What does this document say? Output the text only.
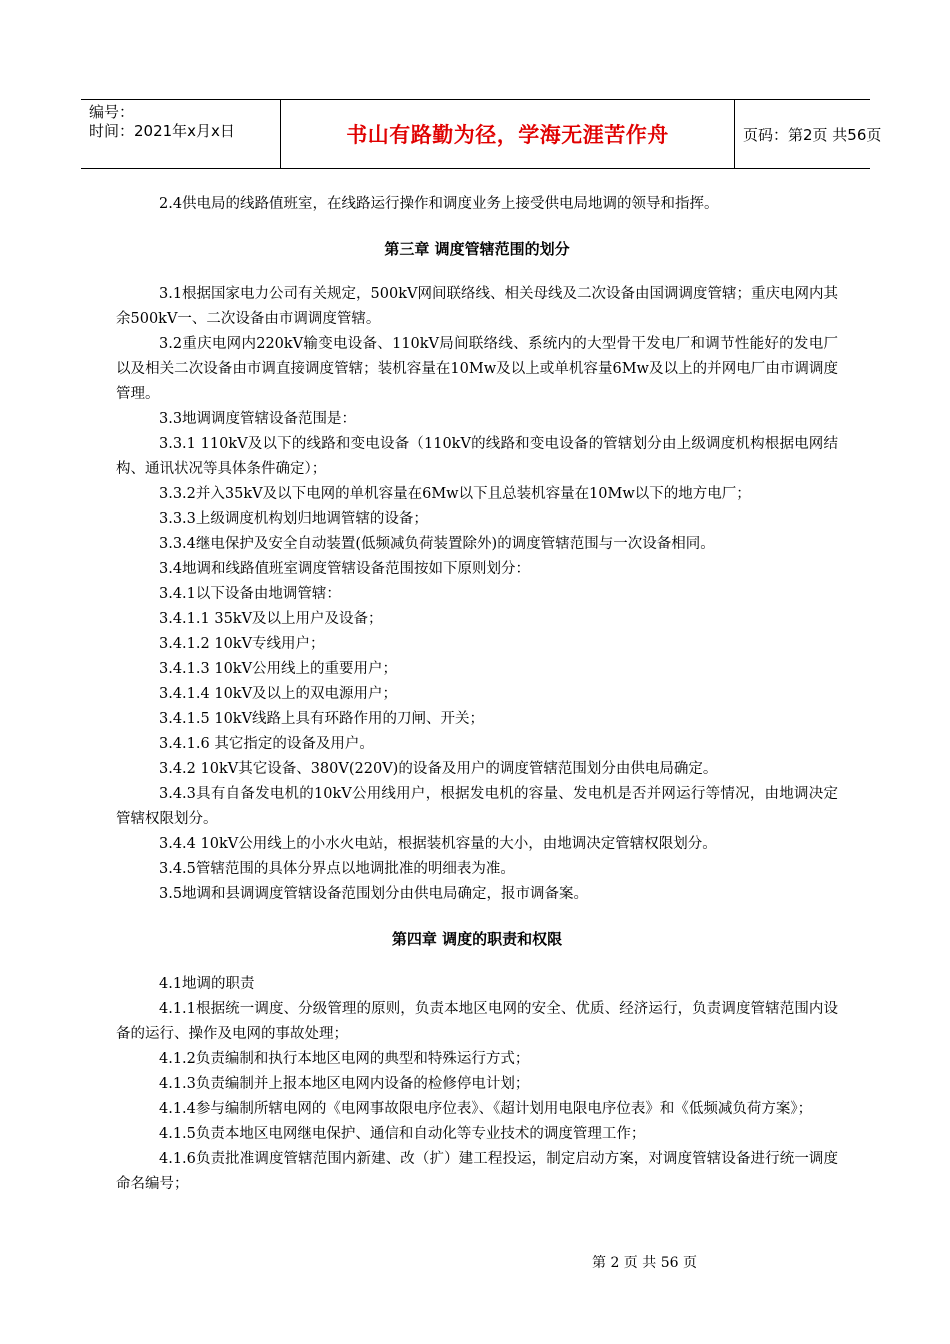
编号：
时间：2021年x月x日	书山有路勤为径，学海无涯苦作舟	页码：第2页 共56页

2.4供电局的线路值班室，在线路运行操作和调度业务上接受供电局地调的领导和指挥。

第三章 调度管辖范围的划分

3.1根据国家电力公司有关规定，500kV网间联络线、相关母线及二次设备由国调调度管辖；重庆电网内其余500kV一、二次设备由市调调度管辖。

3.2重庆电网内220kV输变电设备、110kV局间联络线、系统内的大型骨干发电厂和调节性能好的发电厂以及相关二次设备由市调直接调度管辖；装机容量在10Mw及以上或单机容量6Mw及以上的并网电厂由市调调度管理。

3.3地调调度管辖设备范围是：

3.3.1 110kV及以下的线路和变电设备（110kV的线路和变电设备的管辖划分由上级调度机构根据电网结构、通讯状况等具体条件确定）；

3.3.2并入35kV及以下电网的单机容量在6Mw以下且总装机容量在10Mw以下的地方电厂；

3.3.3上级调度机构划归地调管辖的设备；

3.3.4继电保护及安全自动装置(低频减负荷装置除外)的调度管辖范围与一次设备相同。

3.4地调和线路值班室调度管辖设备范围按如下原则划分：

3.4.1以下设备由地调管辖：

3.4.1.1 35kV及以上用户及设备；

3.4.1.2 10kV专线用户；

3.4.1.3 10kV公用线上的重要用户；

3.4.1.4 10kV及以上的双电源用户；

3.4.1.5 10kV线路上具有环路作用的刀闸、开关；

3.4.1.6 其它指定的设备及用户。

3.4.2 10kV其它设备、380V(220V)的设备及用户的调度管辖范围划分由供电局确定。

3.4.3具有自备发电机的10kV公用线用户，根据发电机的容量、发电机是否并网运行等情况，由地调决定管辖权限划分。

3.4.4 10kV公用线上的小水火电站，根据装机容量的大小，由地调决定管辖权限划分。

3.4.5管辖范围的具体分界点以地调批准的明细表为准。

3.5地调和县调调度管辖设备范围划分由供电局确定，报市调备案。

第四章 调度的职责和权限

4.1地调的职责

4.1.1根据统一调度、分级管理的原则，负责本地区电网的安全、优质、经济运行，负责调度管辖范围内设备的运行、操作及电网的事故处理；

4.1.2负责编制和执行本地区电网的典型和特殊运行方式；

4.1.3负责编制并上报本地区电网内设备的检修停电计划；

4.1.4参与编制所辖电网的《电网事故限电序位表》、《超计划用电限电序位表》和《低频减负荷方案》；

4.1.5负责本地区电网继电保护、通信和自动化等专业技术的调度管理工作；

4.1.6负责批准调度管辖范围内新建、改（扩）建工程投运，制定启动方案，对调度管辖设备进行统一调度命名编号；

第 2 页 共 56 页
